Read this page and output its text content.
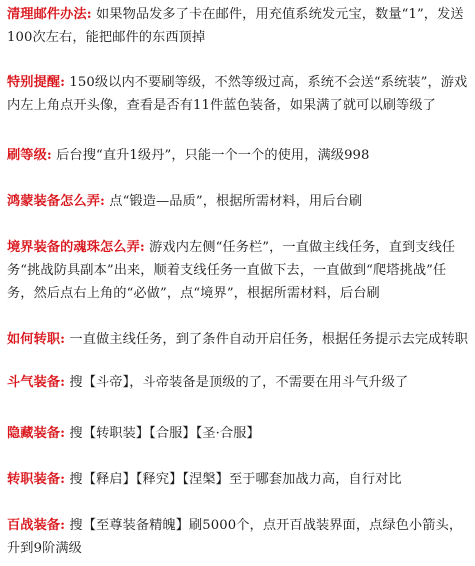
清理邮件办法: 如果物品发多了卡在邮件，用充值系统发元宝，数量“1”，发送100次左右，能把邮件的东西顶掉

特别提醒: 150级以内不要刷等级，不然等级过高，系统不会送“系统装”，游戏内左上角点开头像，查看是否有11件蓝色装备，如果满了就可以刷等级了

刷等级: 后台搜“直升1级丹”，只能一个一个的使用，满级998

鸿蒙装备怎么弄: 点“锻造—品质”，根据所需材料，用后台刷

境界装备的魂珠怎么弄: 游戏内左侧“任务栏”，一直做主线任务，直到支线任务“挑战防具副本”出来，顺着支线任务一直做下去，一直做到“爬塔挑战”任务，然后点右上角的“必做”，点“境界”，根据所需材料，后台刷

如何转职: 一直做主线任务，到了条件自动开启任务，根据任务提示去完成转职

斗气装备: 搜【斗帝】，斗帝装备是顶级的了，不需要在用斗气升级了

隐藏装备: 搜【转职装】【合服】【圣·合服】

转职装备: 搜【释启】【释究】【涅槃】至于哪套加战力高，自行对比

百战装备: 搜【至尊装备精魄】刷5000个，点开百战装界面，点绿色小箭头，升到9阶满级
